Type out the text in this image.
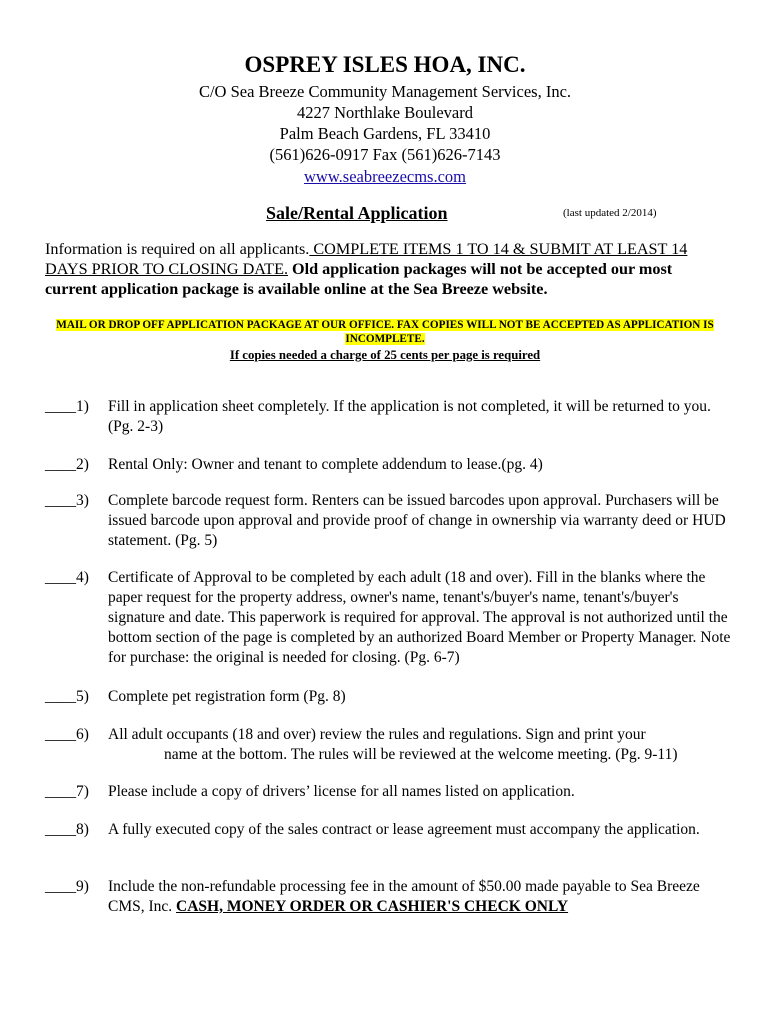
OSPREY ISLES HOA, INC.
C/O Sea Breeze Community Management Services, Inc.
4227 Northlake Boulevard
Palm Beach Gardens, FL 33410
(561)626-0917 Fax (561)626-7143
www.seabreezecms.com
Sale/Rental Application	(last updated 2/2014)
Information is required on all applicants. COMPLETE ITEMS 1 TO 14 & SUBMIT AT LEAST 14 DAYS PRIOR TO CLOSING DATE. Old application packages will not be accepted our most current application package is available online at the Sea Breeze website.
MAIL OR DROP OFF APPLICATION PACKAGE AT OUR OFFICE. FAX COPIES WILL NOT BE ACCEPTED AS APPLICATION IS INCOMPLETE.
If copies needed a charge of 25 cents per page is required
____1)	Fill in application sheet completely. If the application is not completed, it will be returned to you. (Pg. 2-3)
____2)	Rental Only: Owner and tenant to complete addendum to lease.(pg. 4)
____3)	Complete barcode request form. Renters can be issued barcodes upon approval. Purchasers will be issued barcode upon approval and provide proof of change in ownership via warranty deed or HUD statement. (Pg. 5)
____4)	Certificate of Approval to be completed by each adult (18 and over). Fill in the blanks where the paper request for the property address, owner's name, tenant's/buyer's name, tenant's/buyer's signature and date. This paperwork is required for approval. The approval is not authorized until the bottom section of the page is completed by an authorized Board Member or Property Manager. Note for purchase: the original is needed for closing. (Pg. 6-7)
____5)	Complete pet registration form (Pg. 8)
____6)	All adult occupants (18 and over) review the rules and regulations. Sign and print your
name at the bottom. The rules will be reviewed at the welcome meeting. (Pg. 9-11)
____7)	Please include a copy of drivers’ license for all names listed on application.
____8)	A fully executed copy of the sales contract or lease agreement must accompany the application.
____9)	Include the non-refundable processing fee in the amount of $50.00 made payable to Sea Breeze CMS, Inc. CASH, MONEY ORDER OR CASHIER'S CHECK ONLY
